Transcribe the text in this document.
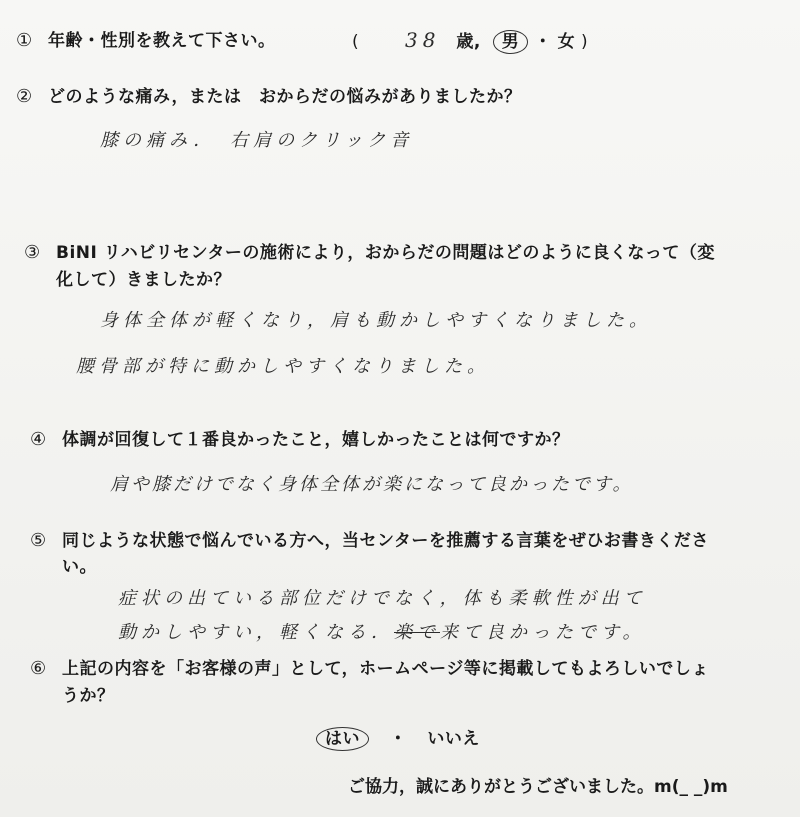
① 年齢・性別を教えて下さい。	( 38 歳, 男 ・ 女 )
② どのような痛み，または　おからだの悩みがありましたか？
膝の痛み．　右肩のクリック音
③ BiNI リハビリセンターの施術により，おからだの問題はどのように良くなって（変
化して）きましたか？
身体全体が軽くなり，肩も動かしやすくなりました。
腰骨部が特に動かしやすくなりました。
④ 体調が回復して１番良かったこと，嬉しかったことは何ですか？
肩や膝だけでなく身体全体が楽になって良かったです。
⑤ 同じような状態で悩んでいる方へ，当センターを推薦する言葉をぜひお書きくださ
い。
症状の出ている部位だけでなく，体も柔軟性が出て
動かしやすい，軽くなる．楽で来て良かったです。
⑥ 上記の内容を「お客様の声」として，ホームページ等に掲載してもよろしいでしょ
うか？
はい ・ いいえ
ご協力，誠にありがとうございました。m(_ _)m
